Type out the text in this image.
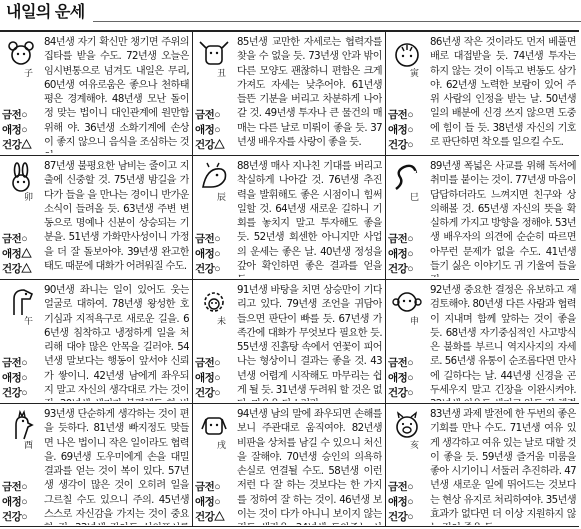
내일의 운세
子
금전○
애정○
건강△
84년생 자기 확신만 챙기면 주위의 집타를 받을 수도. 72년생 오늘은 임시변통으로 넘겨도 내일은 무리, 60년생 여유로움은 좋으나 천하태평은 경계해야. 48년생 모난 돌이 정 맞는 법이니 대인관계에 원만함 위해 야. 36년생 소화기계에 손상이 좋지 않으니 음식을 조심하는 것
丑
금전○
애정○
건강△
85년생 교만한 자세로는 협력자를 찾을 수 없을 듯. 73년생 안과 밖이 다른 모양도 괜찮하니 편함은 크게 가져도 자세는 낮추어야. 61년생 들뜬 기분을 버리고 차분하게 나아갈 것. 49년생 투자나 큰 물건의 매매는 다른 날로 미뤄이 좋을 듯. 37년생 배우자를 사랑이 좋을 듯.
寅
금전○
애정○
건강○
86년생 작은 것이라도 먼저 베풀면 배로 대접받을 듯. 74년생 투자는 하지 않는 것이 이득고 변동도 삼가야. 62년생 노력한 보람이 있어 주위 사람의 인정을 받는 날. 50년생 일의 배분에 신경 쓰지 않으면 도중에 힘이 들 듯. 38년생 자신의 기호로 판단하면 착오를 일으킬 수도.
卯
금전○
애정△
건강△
87년생 불평요한 남비는 줄이고 지출에 신중할 것. 75년생 밤길을 가다가 들을 을 만나는 경이니 반가운 소식이 들려올 듯. 63년생 주변 변동으로 명예나 신분이 상승되는 기분을. 51년생 가화만사성이니 가정을 더 잘 돌보아야. 39년생 완고한 태도 때문에 대화가 어려워질 수도.
辰
금전○
애정○
건강○
88년생 매사 지나친 기대를 버리고 착실하게 나아갈 것. 76년생 추진력을 발휘해도 좋은 시점이니 힘써 일할 것. 64년생 새로운 길하니 기회를 놓치지 말고 투자해도 좋을 듯. 52년생 회센한 아니지만 사업의 운세는 좋은 날. 40년생 정성을 갚아 확인하면 좋은 결과를 얻을
巳
금전○
애정○
건강○
89년생 폭넓은 사교를 위해 독서에 취미를 붙이는 것이. 77년생 마음이 답답하더라도 느껴지면 친구와 상의해볼 것. 65년생 자신의 뜻을 확실하게 가지고 방향을 정해야. 53년생 배우자의 의견에 순순히 따르면 아무런 문제가 없을 수도. 41년생 들기 싫은 이야기도 귀 기울여 들을
午
금전○
애정○
건강○
90년생 좌니는 일이 있어도 웃는 얼굴로 대하여. 78년생 왕성한 호기심과 지적욕구로 새로운 길을. 66년생 침착하고 냉정하게 일을 처리해 대야 많은 안목을 길러야. 54년생 말보다는 행동이 앞서야 신뢰가 쌓이니. 42년생 남에게 좌우되지 말고 자신의 생각대로 가는 것이
未
금전○
애정○
건강○
91년생 바탕을 치면 상승만이 기다리고 있다. 79년생 조언을 귀담아들으면 판단이 빠를 듯. 67년생 가족간에 대화가 무엇보다 필요한 듯. 55년생 진흙탕 속에서 연꽃이 피어나는 형상이니 결과는 좋을 것. 43년생 어렵게 시작해도 마무리는 쉽게 될 듯. 31년생 두려워 할 것은 없
申
금전○
애정○
건강○
92년생 중요한 결정은 유보하고 재검토해야. 80년생 다른 사람과 협력이 지내며 함께 앞하는 것이 좋을 듯. 68년생 자기중심적인 사고방식은 불화를 부르니 역지사지의 자세로. 56년생 유통이 순조롭다면 만사에 길하다는 날. 44년생 신경을 곤두세우지 말고 긴장을 이완시켜야.
酉
금전○
애정○
건강○
93년생 단순하게 생각하는 것이 편을 듯하다. 81년생 빠지정도 맞들면 나은 법이니 작은 일이라도 협력을. 69년생 도우미에게 손을 대밀 결과를 얻는 것이 복이 있다. 57년생 생각이 많은 것이 오히려 일을 그르칠 수도 있으니 주의. 45년생 스스로 자신감을 가지는 것이 중요
戌
금전○
애정○
건강△
94년생 남의 말에 좌우되면 손해를 보니 주관대로 움직여야. 82년생 비판을 상처를 남길 수 있으니 처신을 잘해야. 70년생 승인의 의욕하 손실로 연결될 수도. 58년생 이런 저런 다 잘 하는 것보다는 한 가지를 정하여 잘 하는 것이. 46년생 보이는 것이 다가 아니니 보이지 않는
亥
금전○
애정○
건강○
83년생 과제 발전에 한 두번의 좋은 기회를 만나 수도. 71년생 여유 있게 생각하고 여유 있는 날로 대할 것이 좋을 듯. 59년생 즐거움 미룸을 좋아 시기이니 서둘러 추진하라. 47년생 새로운 일에 뛰어드는 것보다는 현상 유지로 처리하여야. 35년생 효과가 없다면 더 이상 지원하지 않
